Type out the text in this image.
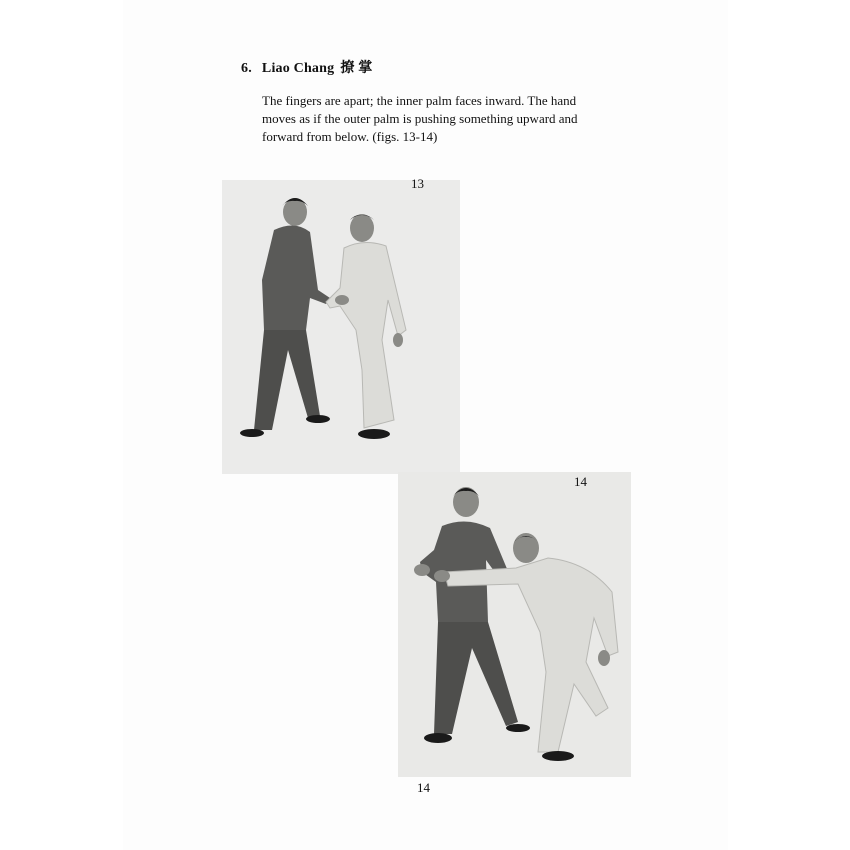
6. Liao Chang 撩 掌
The fingers are apart; the inner palm faces inward. The hand
moves as if the outer palm is pushing something upward and
forward from below. (figs. 13-14)
13
14
14
